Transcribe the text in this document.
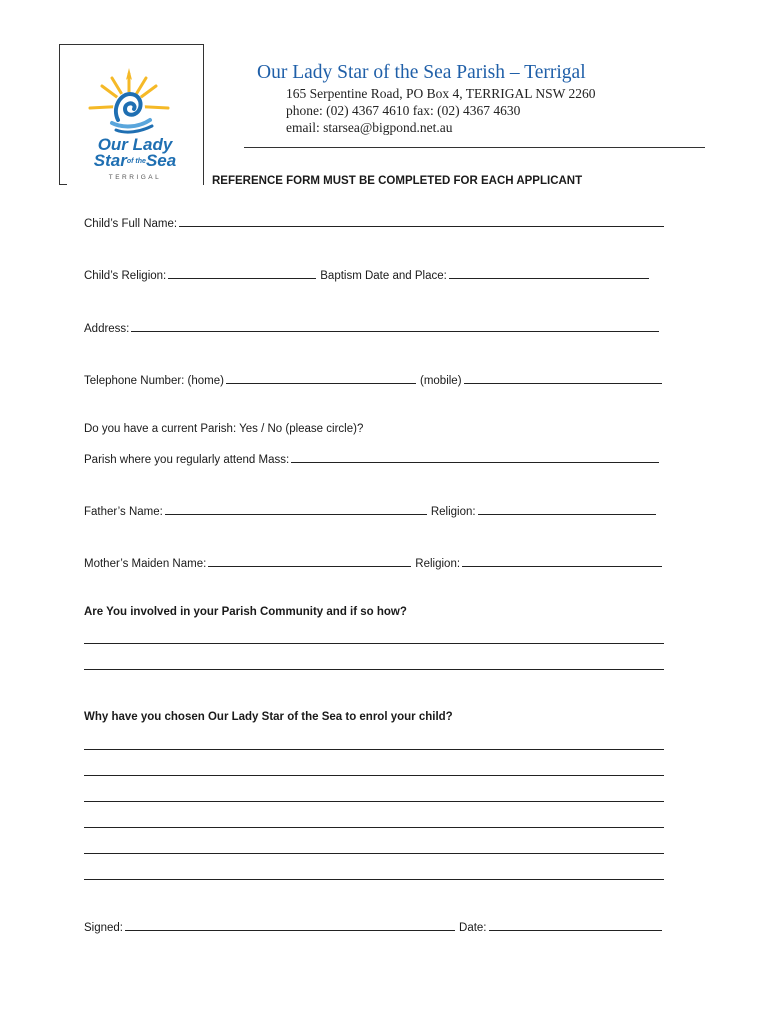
Our Lady
Starof theSea
TERRIGAL
Our Lady Star of the Sea Parish – Terrigal
165 Serpentine Road, PO Box 4, TERRIGAL NSW 2260
phone: (02) 4367 4610 fax: (02) 4367 4630
email: starsea@bigpond.net.au
REFERENCE FORM MUST BE COMPLETED FOR EACH APPLICANT
Child’s Full Name:
Child’s Religion:	Baptism Date and Place:
Address:
Telephone Number: (home)	(mobile)
Do you have a current Parish: Yes / No (please circle)?
Parish where you regularly attend Mass:
Father’s Name:	Religion:
Mother’s Maiden Name:	Religion:
Are You involved in your Parish Community and if so how?
Why have you chosen Our Lady Star of the Sea to enrol your child?
Signed:	Date:
